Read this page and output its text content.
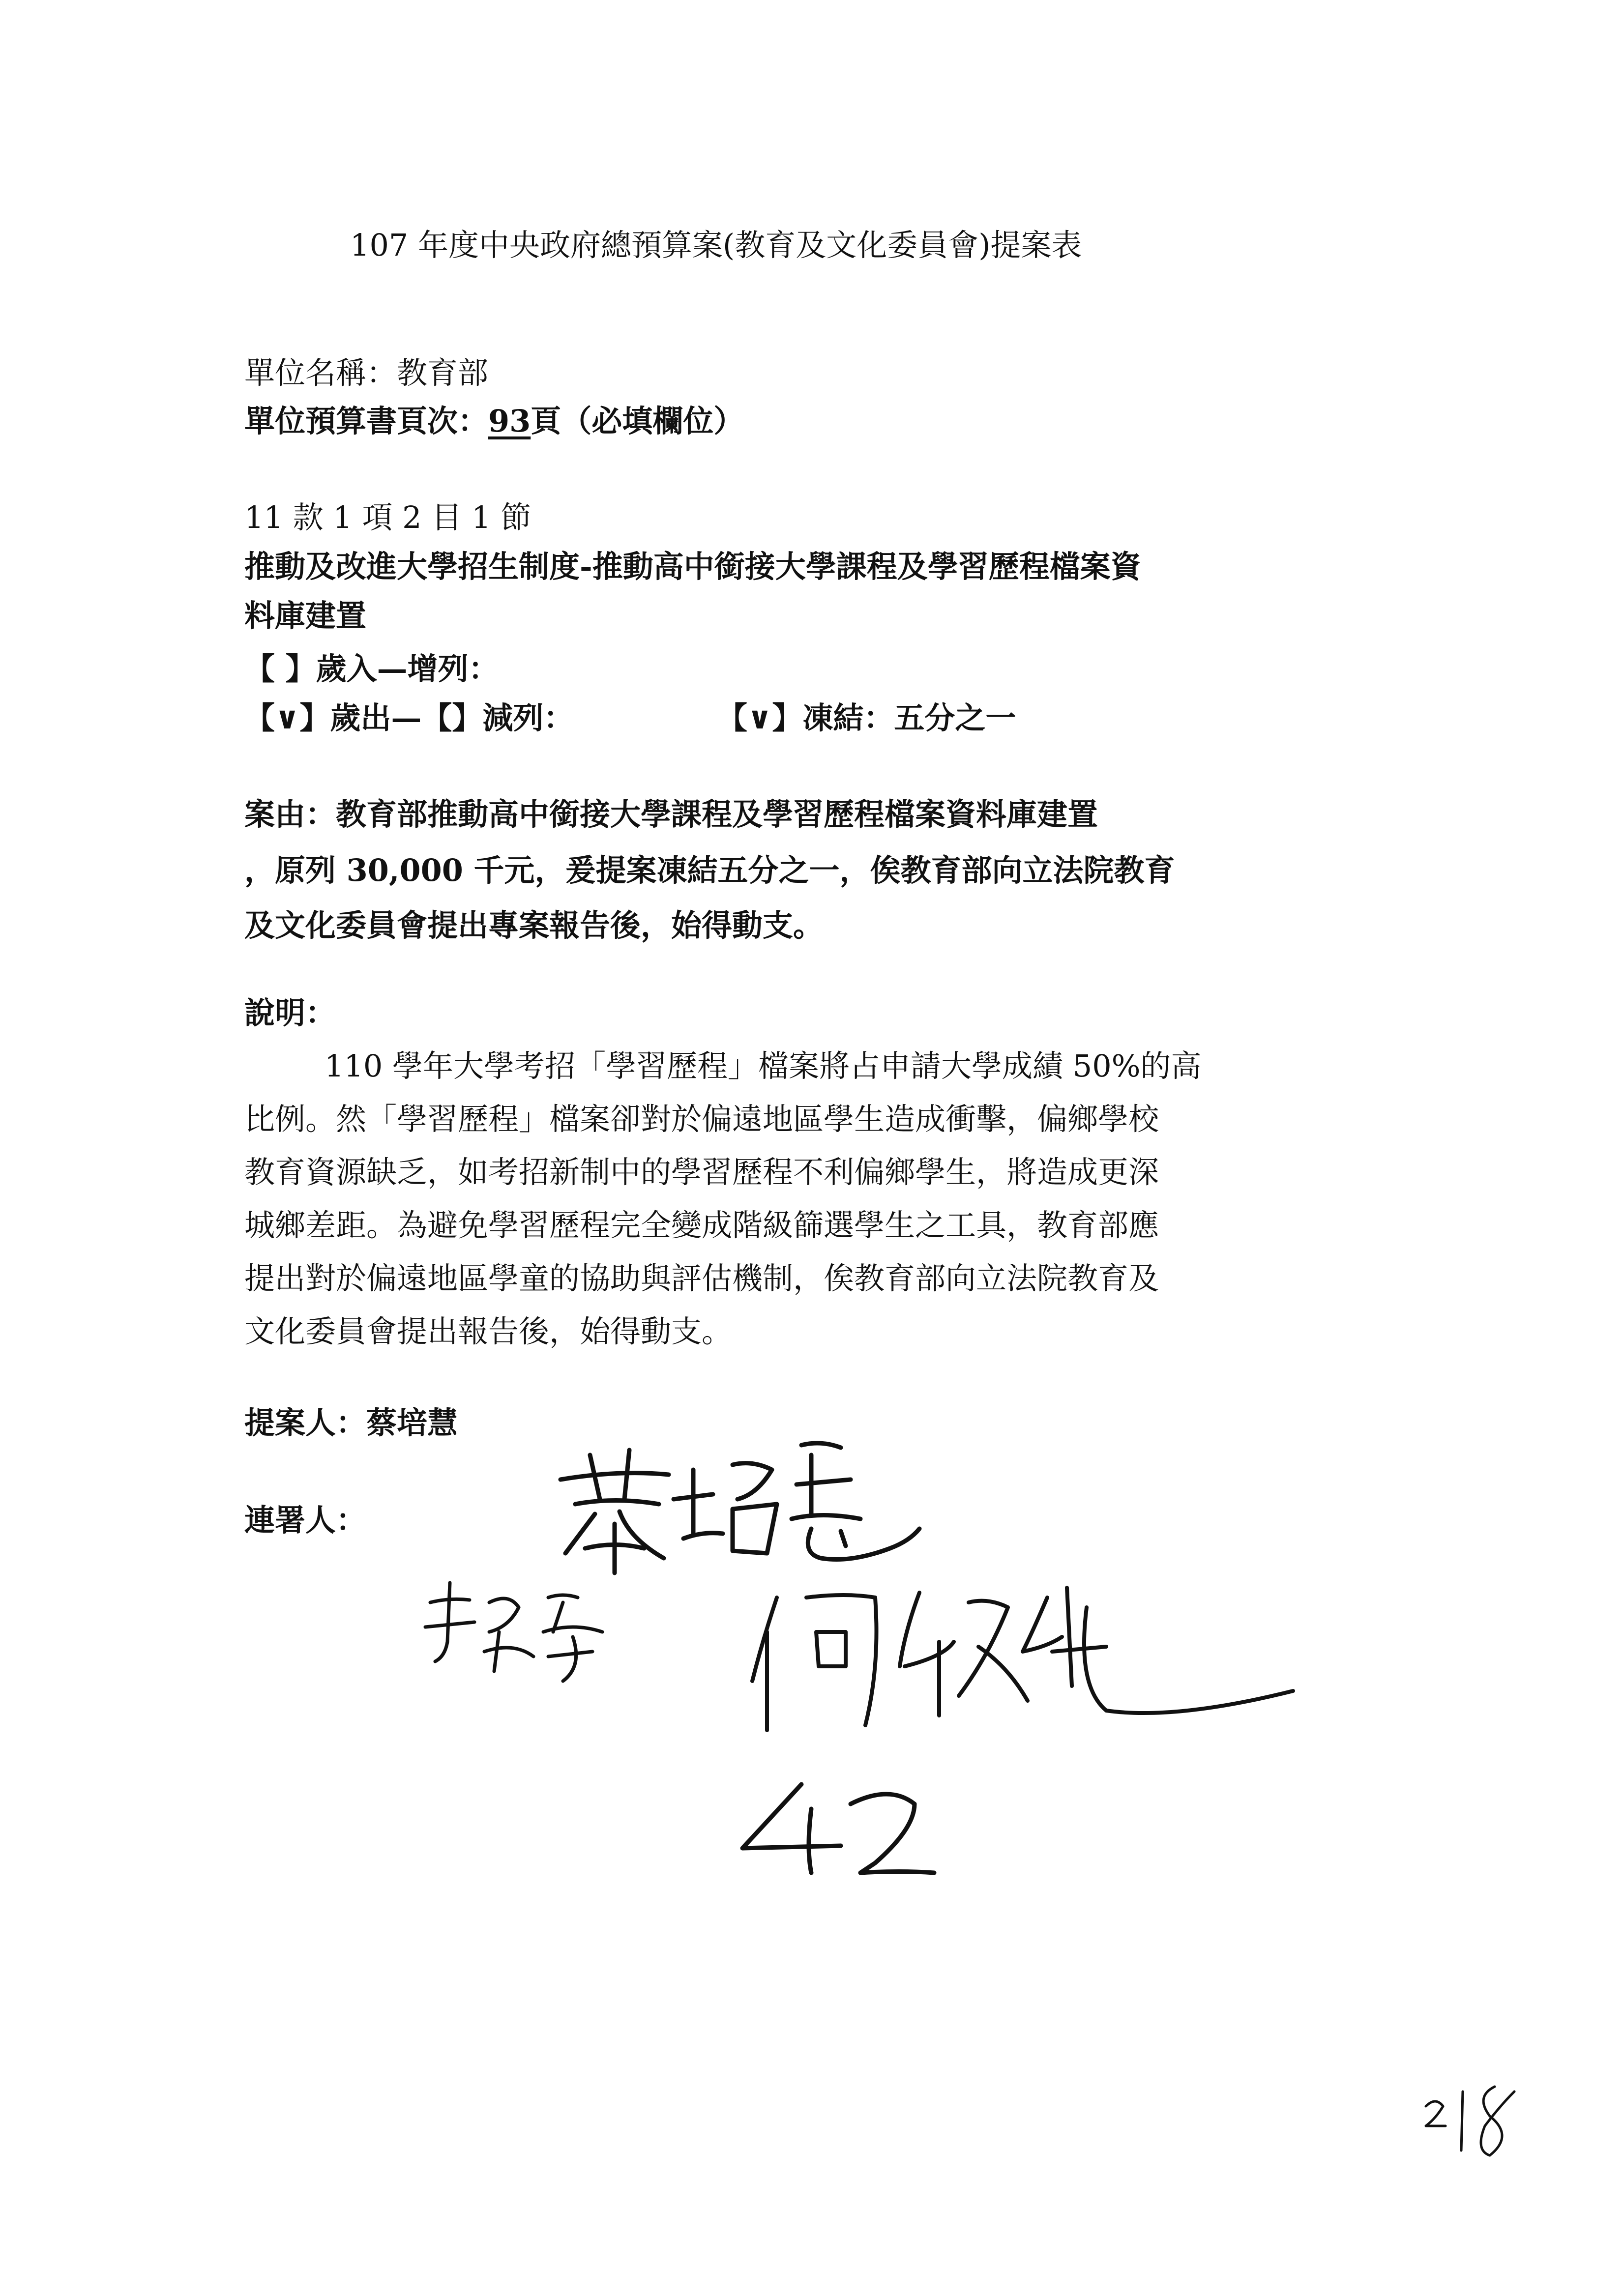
107 年度中央政府總預算案(教育及文化委員會)提案表
單位名稱：教育部
單位預算書頁次：93頁（必填欄位）
11 款 1 項 2 目 1 節
推動及改進大學招生制度-推動高中銜接大學課程及學習歷程檔案資
料庫建置
【 】歲入—增列：
【∨】歲出—【】減列：	【∨】凍結：五分之一
案由：教育部推動高中銜接大學課程及學習歷程檔案資料庫建置
，原列 30,000 千元，爰提案凍結五分之一，俟教育部向立法院教育
及文化委員會提出專案報告後，始得動支。
說明：
110 學年大學考招「學習歷程」檔案將占申請大學成績 50%的高
比例。然「學習歷程」檔案卻對於偏遠地區學生造成衝擊，偏鄉學校
教育資源缺乏，如考招新制中的學習歷程不利偏鄉學生，將造成更深
城鄉差距。為避免學習歷程完全變成階級篩選學生之工具，教育部應
提出對於偏遠地區學童的協助與評估機制，俟教育部向立法院教育及
文化委員會提出報告後，始得動支。
提案人：蔡培慧
連署人：
